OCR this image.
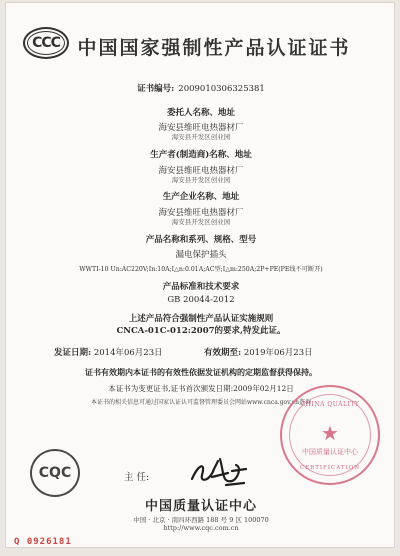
CCC 中国国家强制性产品认证证书
证书编号: 2009010306325381
委托人名称、地址
海安县维旺电热器材厂
海安县开发区创业园
生产者(制造商)名称、地址
海安县维旺电热器材厂
海安县开发区创业园
生产企业名称、地址
海安县维旺电热器材厂
海安县开发区创业园
产品名称和系列、规格、型号
漏电保护插头
WWTI-10 Un:AC220V;In:10A;I△n:0.01A;AC型;I△m:250A;2P+PE(PE线不可断开)
产品标准和技术要求
GB 20044-2012
上述产品符合强制性产品认证实施规则
CNCA-01C-012:2007的要求,特发此证。
发证日期: 2014年06月23日	有效期至: 2019年06月23日
证书有效期内本证书的有效性依据发证机构的定期监督获得保持。
本证书为变更证书,证书首次颁发日期:2009年02月12日
本证书的相关信息可通过国家认证认可监督管理委员会网站www.cnca.gov.cn查询
CHINA QUALITY
★
中国质量认证中心
CERTIFICATION
CQC	主 任:
中国质量认证中心
中国 · 北京 · 南四环西路 188 号 9 区 100070
http://www.cqc.com.cn
Q 0926181
